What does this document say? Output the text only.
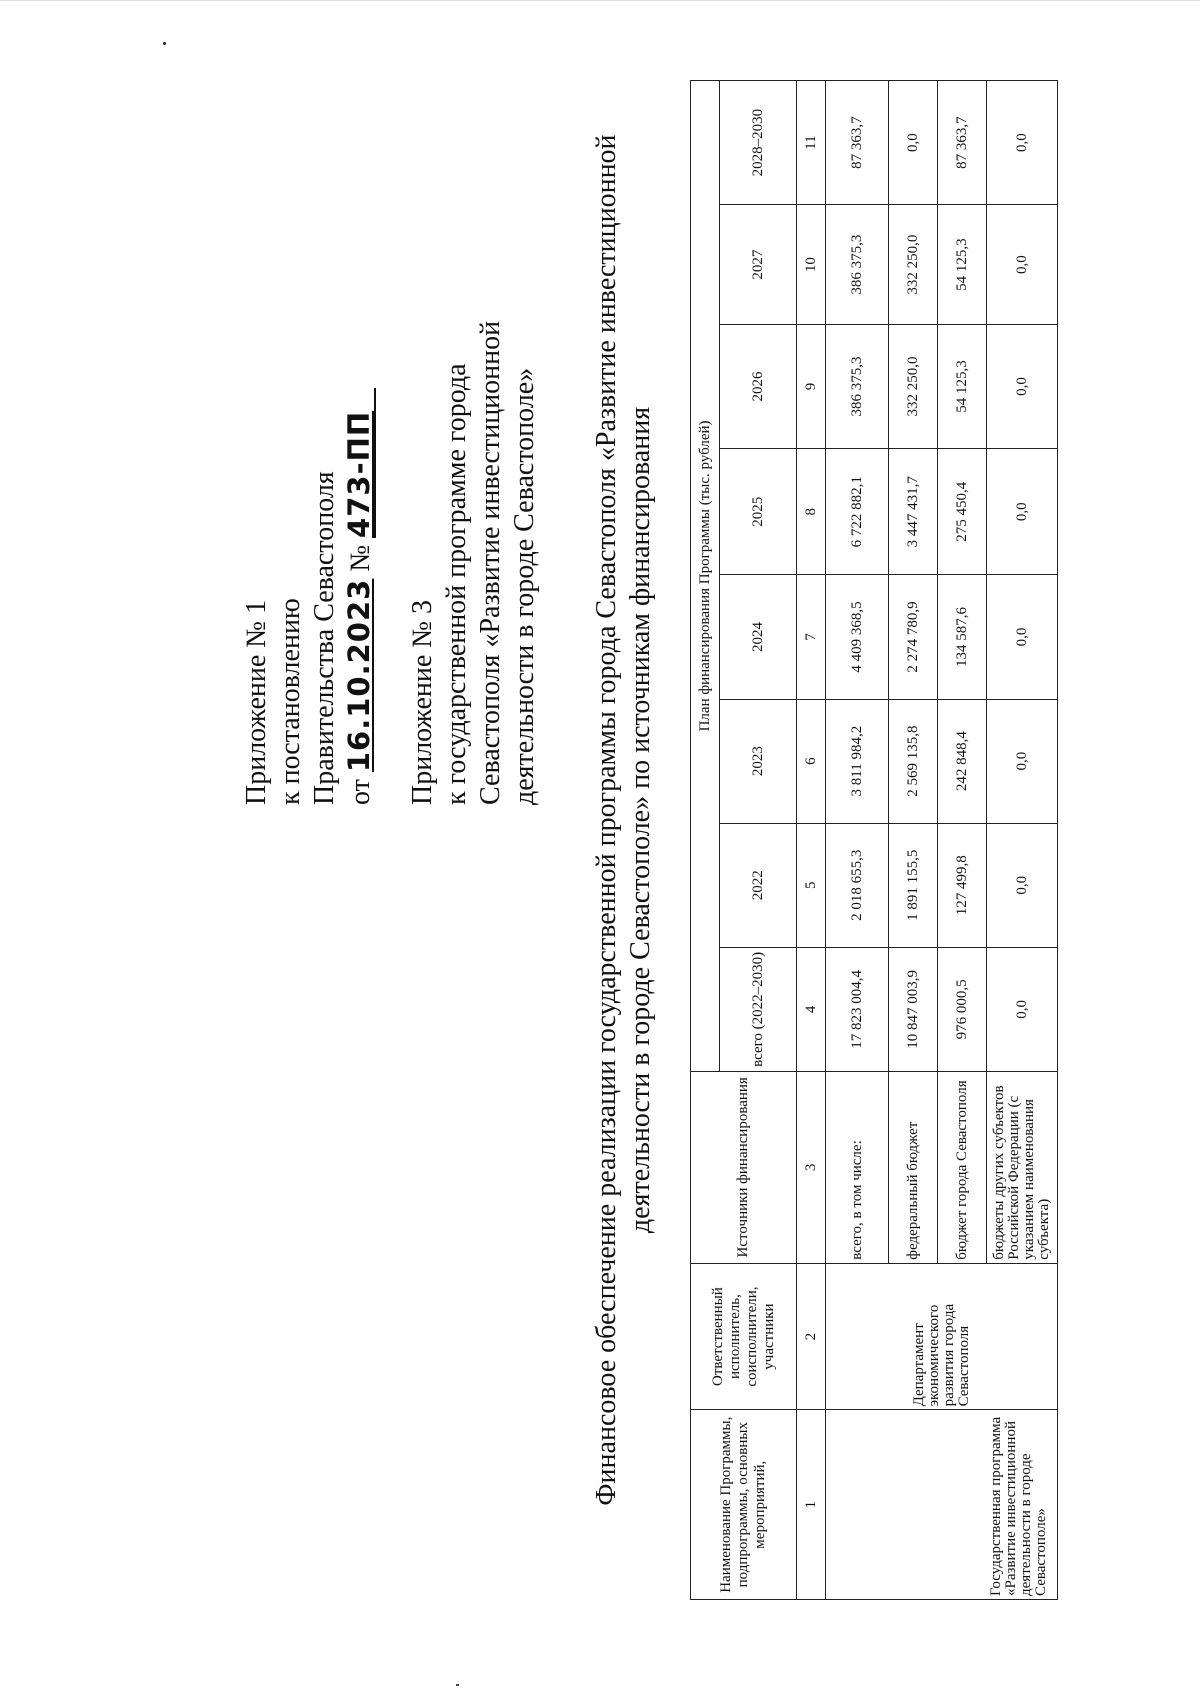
Приложение № 1 к постановлению Правительства Севастополя от 16.10.2023 № 473-ПП
Приложение № 3 к государственной программе города Севастополя «Развитие инвестиционной деятельности в городе Севастополе» Финансовое обеспечение реализации государственной программы города Севастополя «Развитие инвестиционной деятельности в городе Севастополе» по источникам финансирования
Наименование Программы, подпрограммы, основных мероприятий,	Ответственный исполнитель, соисполнители, участники	Источники финансирования	План финансирования Программы (тыс. рублей)							
			всего (2022–2030)	2022	2023	2024	2025	2026	2027	2028–2030
1	2	3	4	5	6	7	8	9	10	11
Государственная программа «Развитие инвестиционной деятельности в городе Севастополе»	Департамент экономического развития города Севастополя	всего, в том числе:	17 823 004,4	2 018 655,3	3 811 984,2	4 409 368,5	6 722 882,1	386 375,3	386 375,3	87 363,7
		федеральный бюджет	10 847 003,9	1 891 155,5	2 569 135,8	2 274 780,9	3 447 431,7	332 250,0	332 250,0	0,0
		бюджет города Севастополя	976 000,5	127 499,8	242 848,4	134 587,6	275 450,4	54 125,3	54 125,3	87 363,7
		бюджеты других субъектов Российской Федерации (с указанием наименования субъекта)	0,0	0,0	0,0	0,0	0,0	0,0	0,0	0,0
